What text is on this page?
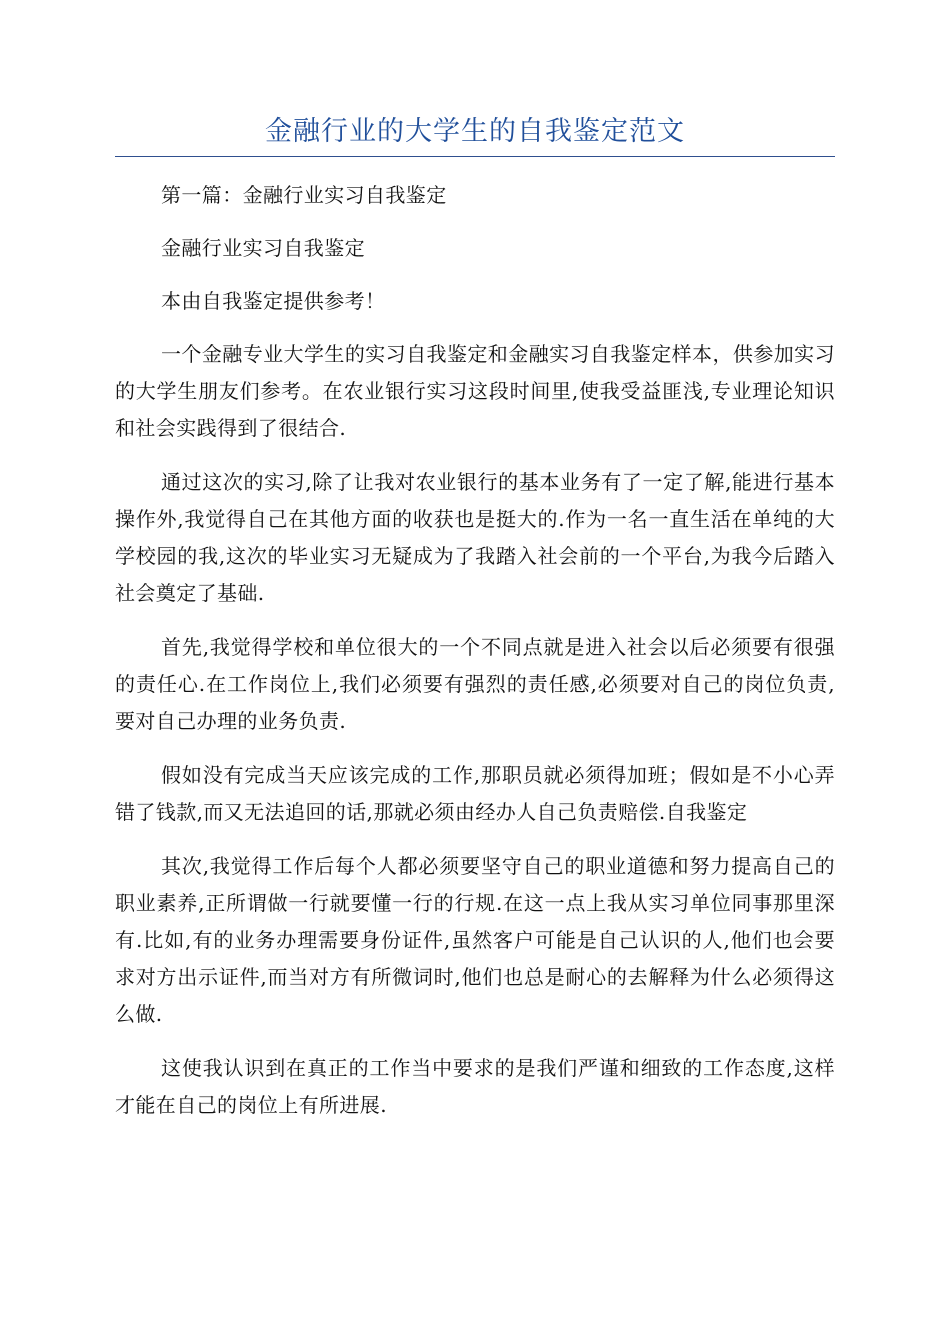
金融行业的大学生的自我鉴定范文

第一篇：金融行业实习自我鉴定

金融行业实习自我鉴定

本由自我鉴定提供参考！

一个金融专业大学生的实习自我鉴定和金融实习自我鉴定样本，供参加实习的大学生朋友们参考。在农业银行实习这段时间里,使我受益匪浅,专业理论知识和社会实践得到了很结合.

通过这次的实习,除了让我对农业银行的基本业务有了一定了解,能进行基本操作外,我觉得自己在其他方面的收获也是挺大的.作为一名一直生活在单纯的大学校园的我,这次的毕业实习无疑成为了我踏入社会前的一个平台,为我今后踏入社会奠定了基础.

首先,我觉得学校和单位很大的一个不同点就是进入社会以后必须要有很强的责任心.在工作岗位上,我们必须要有强烈的责任感,必须要对自己的岗位负责,要对自己办理的业务负责.

假如没有完成当天应该完成的工作,那职员就必须得加班；假如是不小心弄错了钱款,而又无法追回的话,那就必须由经办人自己负责赔偿.自我鉴定

其次,我觉得工作后每个人都必须要坚守自己的职业道德和努力提高自己的职业素养,正所谓做一行就要懂一行的行规.在这一点上我从实习单位同事那里深有.比如,有的业务办理需要身份证件,虽然客户可能是自己认识的人,他们也会要求对方出示证件,而当对方有所微词时,他们也总是耐心的去解释为什么必须得这么做.

这使我认识到在真正的工作当中要求的是我们严谨和细致的工作态度,这样才能在自己的岗位上有所进展.
